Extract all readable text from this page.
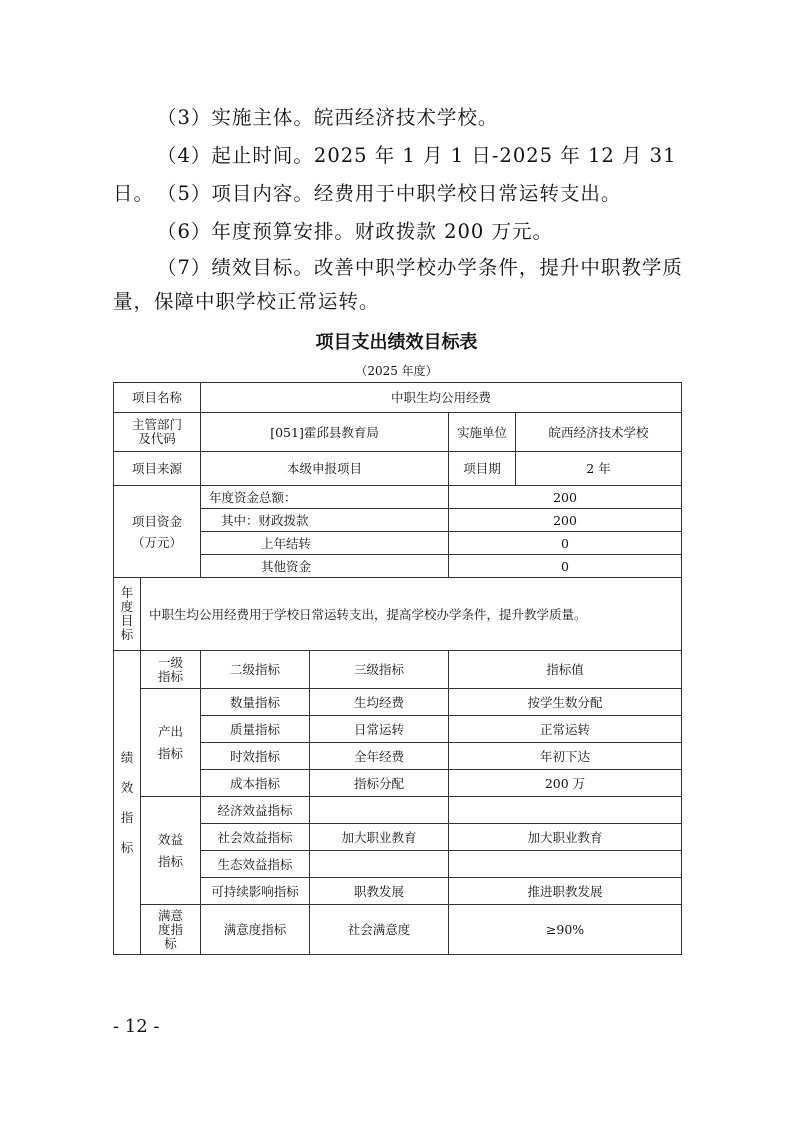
（3）实施主体。皖西经济技术学校。
（4）起止时间。2025 年 1 月 1 日-2025 年 12 月 31 日。 （5）项目内容。经费用于中职学校日常运转支出。
（6）年度预算安排。财政拨款 200 万元。
（7）绩效目标。改善中职学校办学条件，提升中职教学质量，保障中职学校正常运转。
项目支出绩效目标表
（2025 年度）
项目名称		中职生均公用经费			

主管部门及代码		[051]霍邱县教育局		实施单位	皖西经济技术学校
项目来源		本级申报项目		项目期	2 年

项目资金
（万元）		年度资金总额：		200	
		其中：财政拨款		200	
		上年结转		0	
		其他资金		0	

年度目标	中职生均公用经费用于学校日常运转支出，提高学校办学条件，提升教学质量。				

绩效指标	一级指标	二级指标	三级指标	指标值	

	产出指标	数量指标	生均经费	按学生数分配	
		质量指标	日常运转	正常运转	
		时效指标	全年经费	年初下达	
		成本指标	指标分配	200 万	

	效益指标	经济效益指标			
		社会效益指标	加大职业教育	加大职业教育	
		生态效益指标			
		可持续影响指标	职教发展	推进职教发展	

	满意度指标	满意度指标	社会满意度	≥90%	
- 12 -
